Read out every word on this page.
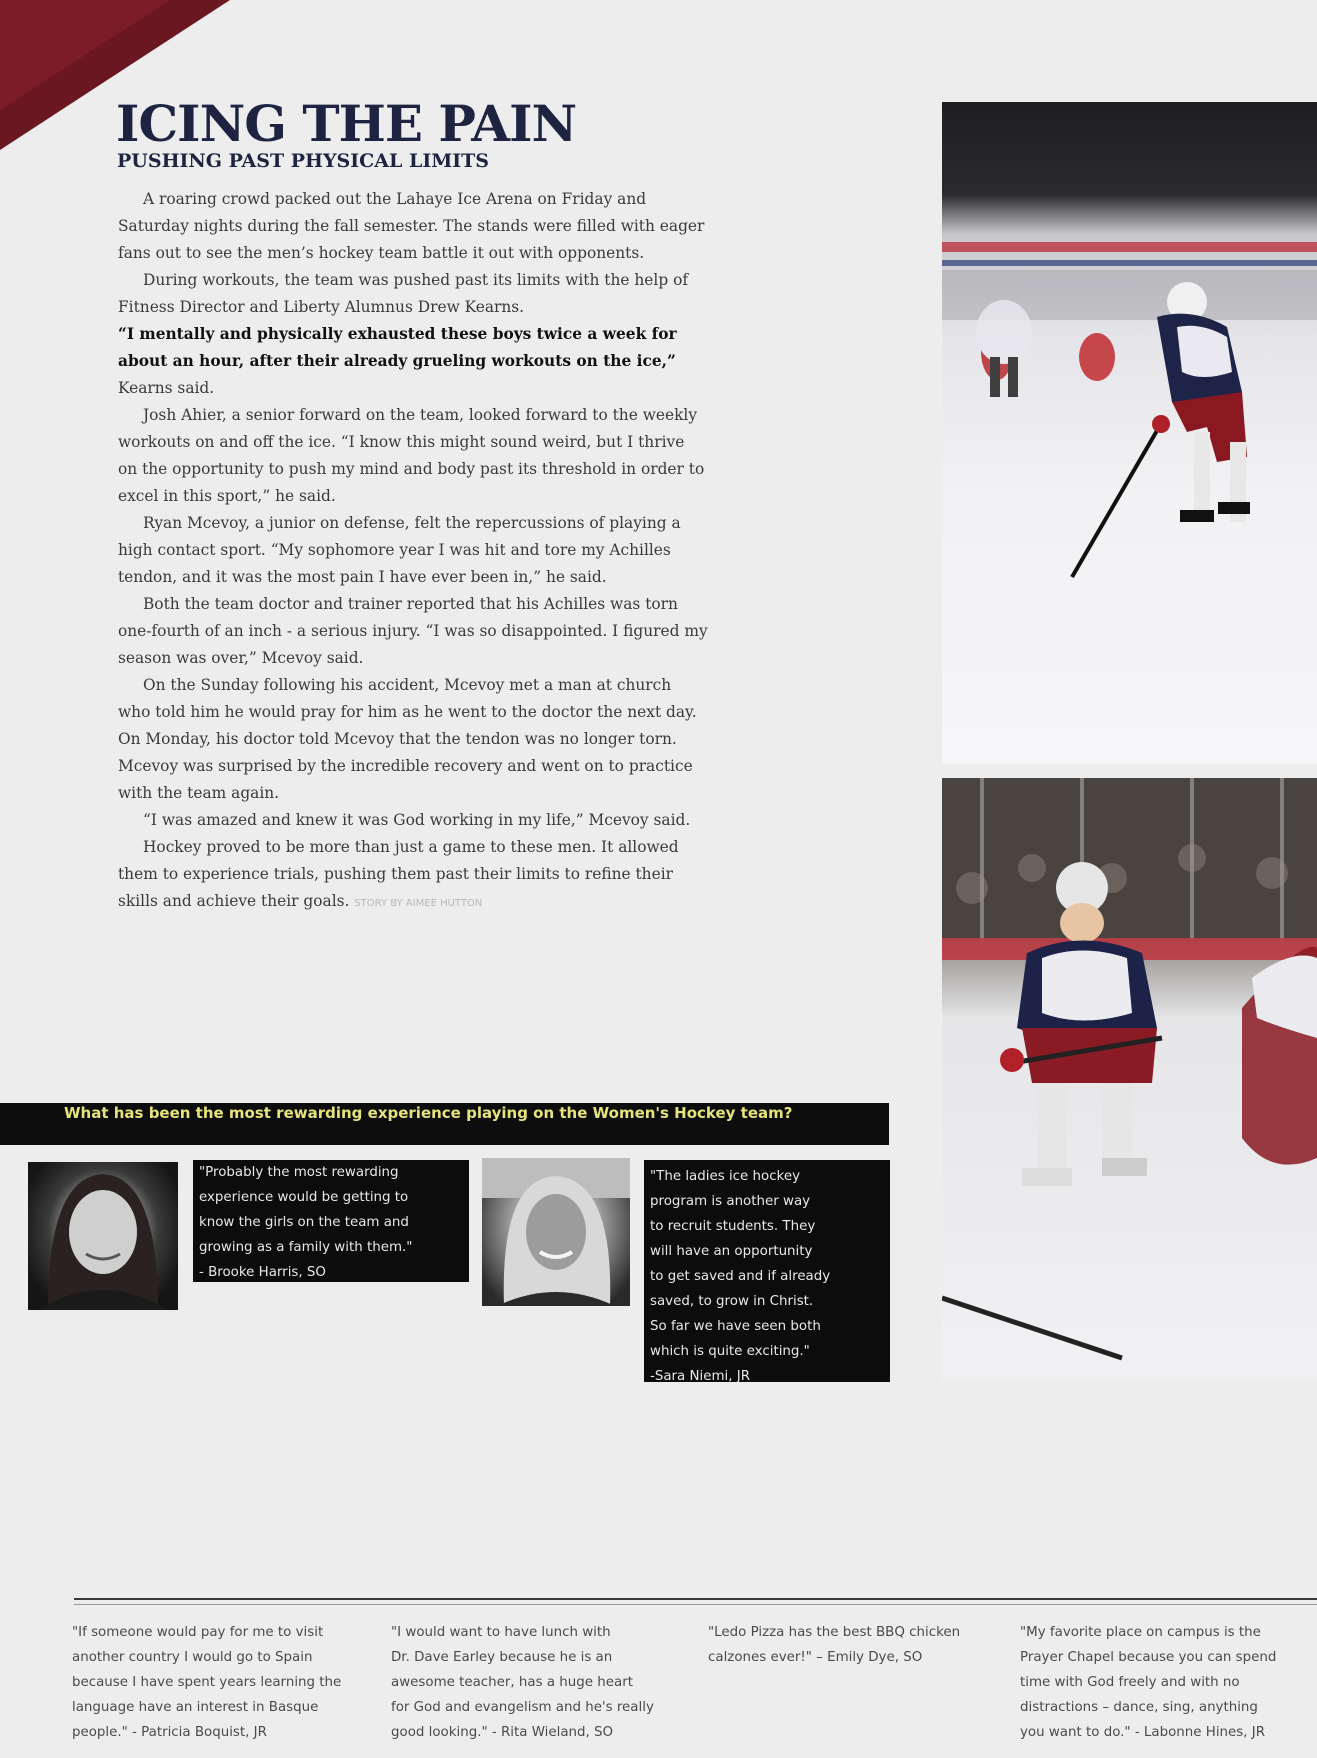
ICING THE PAIN
PUSHING PAST PHYSICAL LIMITS

A roaring crowd packed out the Lahaye Ice Arena on Friday and Saturday nights during the fall semester. The stands were filled with eager fans out to see the men’s hockey team battle it out with opponents.

During workouts, the team was pushed past its limits with the help of Fitness Director and Liberty Alumnus Drew Kearns.

“I mentally and physically exhausted these boys twice a week for about an hour, after their already grueling workouts on the ice,” Kearns said.

Josh Ahier, a senior forward on the team, looked forward to the weekly workouts on and off the ice. “I know this might sound weird, but I thrive on the opportunity to push my mind and body past its threshold in order to excel in this sport,” he said.

Ryan Mcevoy, a junior on defense, felt the repercussions of playing a high contact sport. “My sophomore year I was hit and tore my Achilles tendon, and it was the most pain I have ever been in,” he said.

Both the team doctor and trainer reported that his Achilles was torn one-fourth of an inch - a serious injury. “I was so disappointed. I figured my season was over,” Mcevoy said.

On the Sunday following his accident, Mcevoy met a man at church who told him he would pray for him as he went to the doctor the next day. On Monday, his doctor told Mcevoy that the tendon was no longer torn. Mcevoy was surprised by the incredible recovery and went on to practice with the team again.

“I was amazed and knew it was God working in my life,” Mcevoy said.

Hockey proved to be more than just a game to these men. It allowed them to experience trials, pushing them past their limits to refine their skills and achieve their goals. STORY BY AIMEE HUTTON

What has been the most rewarding experience playing on the Women's Hockey team?
"Probably the most rewarding
experience would be getting to
know the girls on the team and
growing as a family with them."
- Brooke Harris, SO
"The ladies ice hockey
program is another way
to recruit students. They
will have an opportunity
to get saved and if already
saved, to grow in Christ.
So far we have seen both
which is quite exciting."
-Sara Niemi, JR
"If someone would pay for me to visit
another country I would go to Spain
because I have spent years learning the
language have an interest in Basque
people." - Patricia Boquist, JR
"I would want to have lunch with
Dr. Dave Earley because he is an
awesome teacher, has a huge heart
for God and evangelism and he's really
good looking." - Rita Wieland, SO
"Ledo Pizza has the best BBQ chicken
calzones ever!" – Emily Dye, SO
"My favorite place on campus is the
Prayer Chapel because you can spend
time with God freely and with no
distractions – dance, sing, anything
you want to do." - Labonne Hines, JR
